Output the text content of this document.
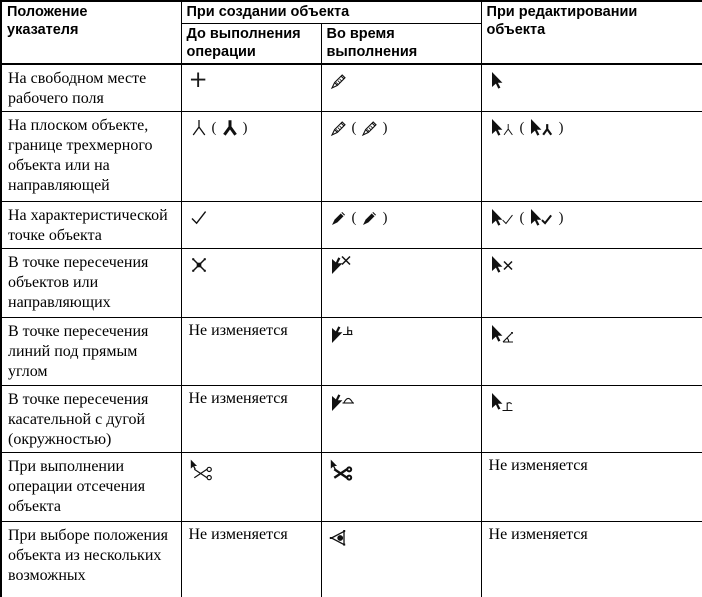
Положение указателя	При создании объекта		При редактировании объекта

	До выполнения операции	Во время выполнения	

На свободном месте рабочего поля	+

На плоском объекте, границе трехмерного объекта или на направляющей	( )	( )	( )

На характеристической точке объекта		( )	( )

В точке пересечения объектов или направляющих	

В точке пересечения линий под прямым углом	Не изменяется	

В точке пересечения касательной с дугой (окружностью)	Не изменяется	

При выполнении операции отсечения объекта			Не изменяется
При выборе положения объекта из нескольких возможных	Не изменяется		Не изменяется
